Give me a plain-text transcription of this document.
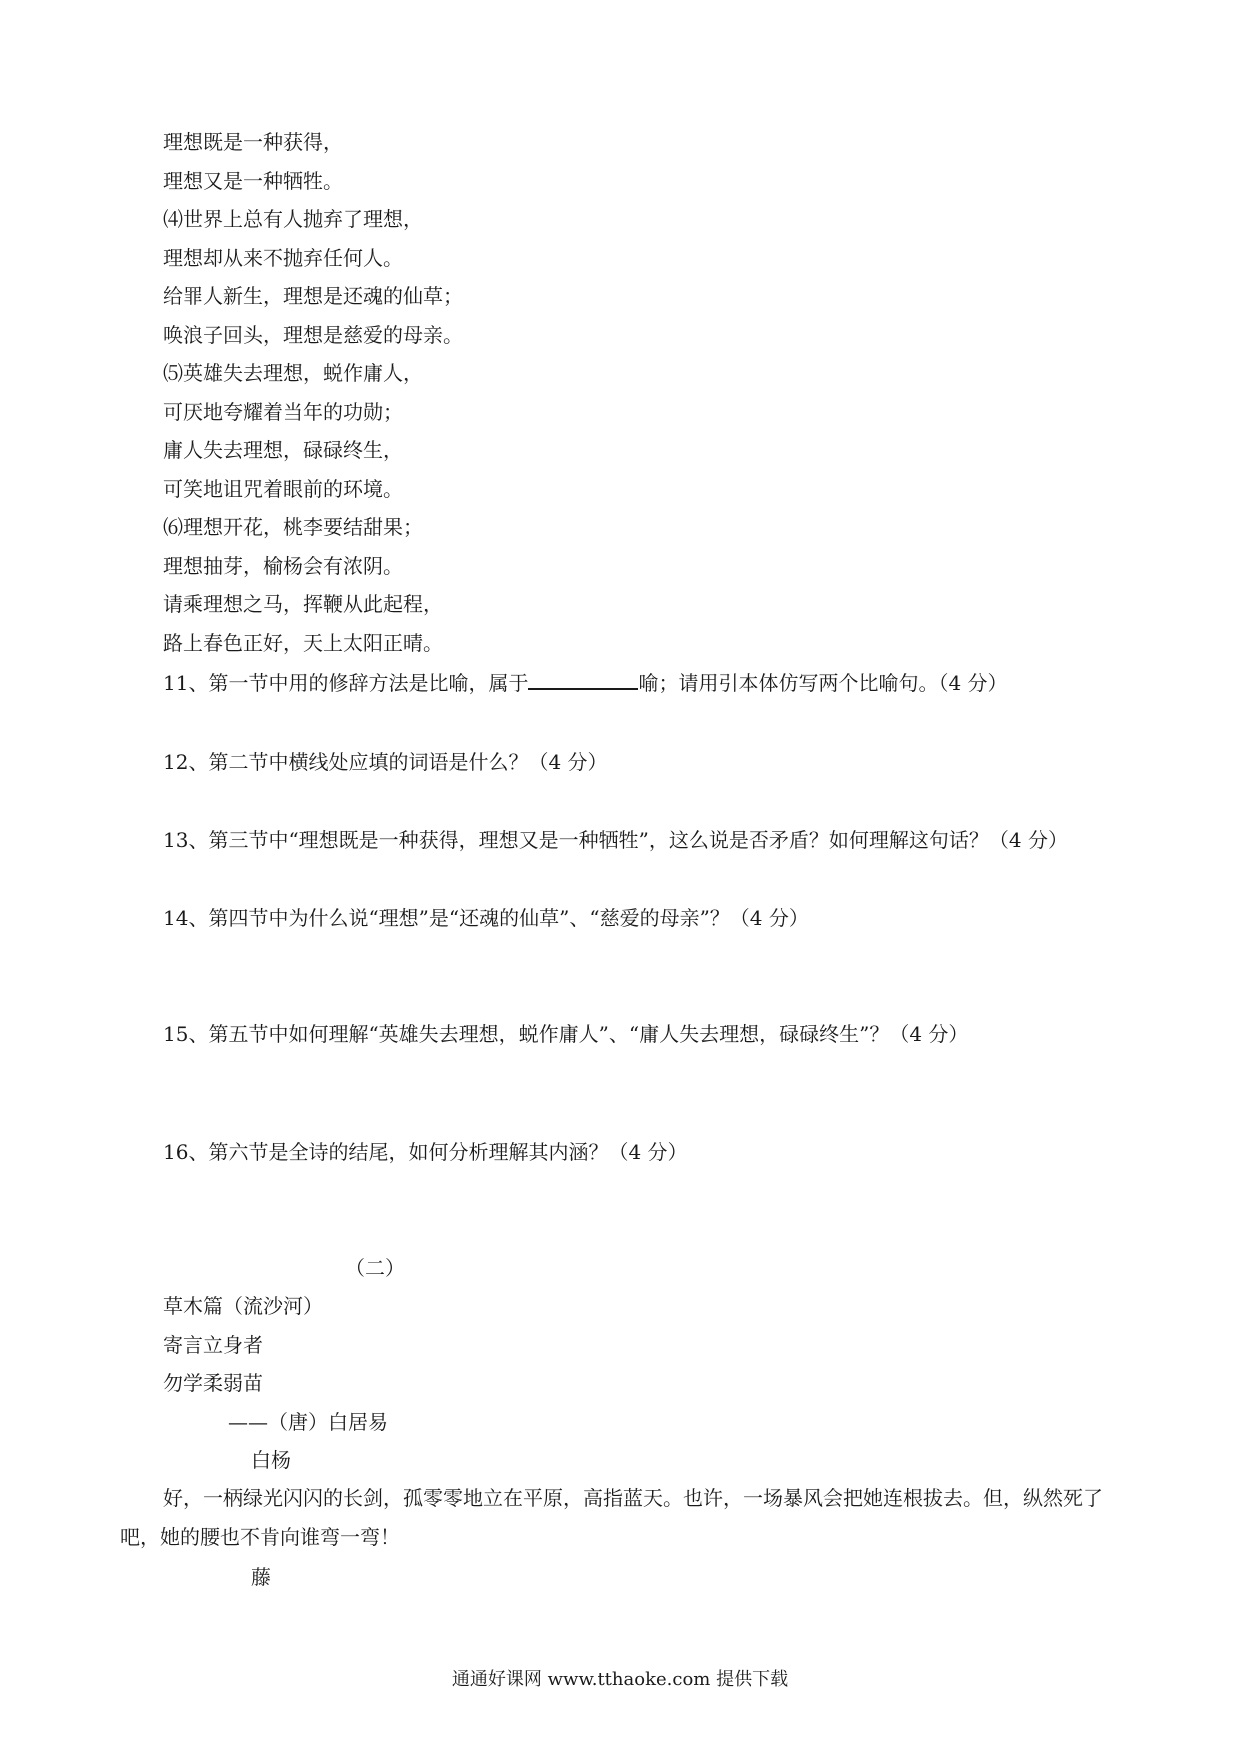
理想既是一种获得，
理想又是一种牺牲。
⑷世界上总有人抛弃了理想，
理想却从来不抛弃任何人。
给罪人新生，理想是还魂的仙草；
唤浪子回头，理想是慈爱的母亲。
⑸英雄失去理想，蜕作庸人，
可厌地夸耀着当年的功勋；
庸人失去理想，碌碌终生，
可笑地诅咒着眼前的环境。
⑹理想开花，桃李要结甜果；
理想抽芽，榆杨会有浓阴。
请乘理想之马，挥鞭从此起程，
路上春色正好，天上太阳正晴。
11、第一节中用的修辞方法是比喻，属于	喻；请用引本体仿写两个比喻句。（4 分）
12、第二节中横线处应填的词语是什么？（4 分）
13、第三节中“理想既是一种获得，理想又是一种牺牲”，这么说是否矛盾？如何理解这句话？（4 分）
14、第四节中为什么说“理想”是“还魂的仙草”、“慈爱的母亲”？（4 分）
15、第五节中如何理解“英雄失去理想，蜕作庸人”、“庸人失去理想，碌碌终生”？（4 分）
16、第六节是全诗的结尾，如何分析理解其内涵？（4 分）
（二）
草木篇（流沙河）
寄言立身者
勿学柔弱苗
——（唐）白居易
白杨
好，一柄绿光闪闪的长剑，孤零零地立在平原，高指蓝天。也许，一场暴风会把她连根拔去。但，纵然死了吧，她的腰也不肯向谁弯一弯！
藤
通通好课网 www.tthaoke.com 提供下载
